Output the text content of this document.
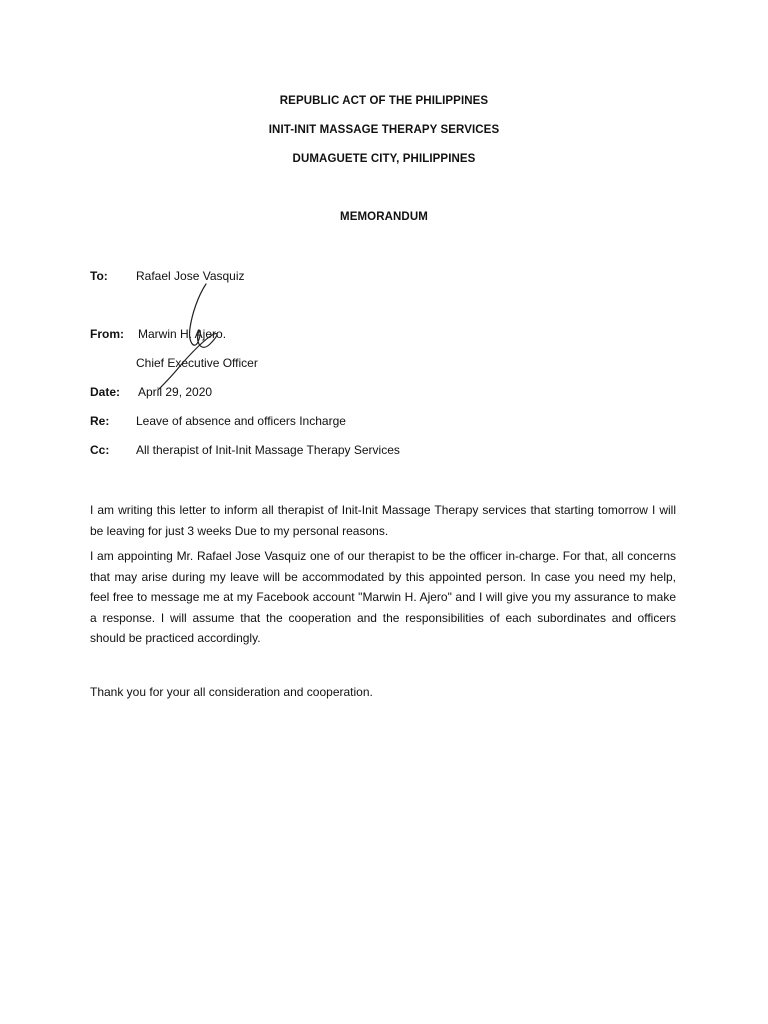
REPUBLIC ACT OF THE PHILIPPINES
INIT-INIT MASSAGE THERAPY SERVICES
DUMAGUETE CITY, PHILIPPINES
MEMORANDUM
To: Rafael Jose Vasquiz
From: Marwin H. Ajero.
Chief Executive Officer
Date: April 29, 2020
Re: Leave of absence and officers Incharge
Cc: All therapist of Init-Init Massage Therapy Services
I am writing this letter to inform all therapist of Init-Init Massage Therapy services that starting tomorrow I will be leaving for just 3 weeks Due to my personal reasons.
I am appointing Mr. Rafael Jose Vasquiz one of our therapist to be the officer in-charge. For that, all concerns that may arise during my leave will be accommodated by this appointed person. In case you need my help, feel free to message me at my Facebook account "Marwin H. Ajero" and I will give you my assurance to make a response. I will assume that the cooperation and the responsibilities of each subordinates and officers should be practiced accordingly.
Thank you for your all consideration and cooperation.
